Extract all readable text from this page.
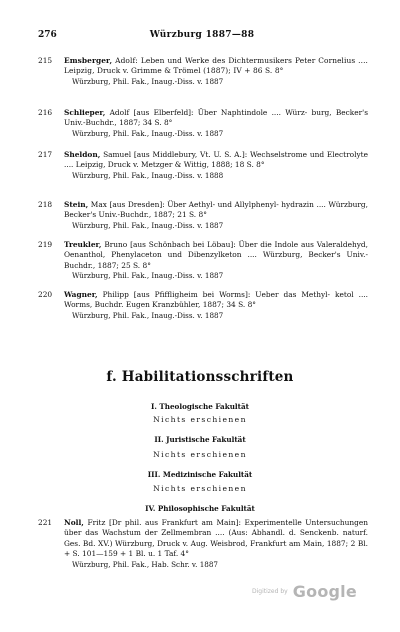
276	Würzburg 1887—88
215	Emsberger, Adolf: Leben und Werke des Dichtermusikers Peter Cornelius .... Leipzig, Druck v. Grimme & Trömel (1887); IV + 86 S. 8°
Würzburg, Phil. Fak., Inaug.-Diss. v. 1887
216	Schlieper, Adolf [aus Elberfeld]: Über Naphtindole .... Würz- burg, Becker's Univ.-Buchdr., 1887; 34 S. 8°
Würzburg, Phil. Fak., Inaug.-Diss. v. 1887
217	Sheldon, Samuel [aus Middlebury, Vt. U. S. A.]: Wechselstrome und Electrolyte .... Leipzig, Druck v. Metzger & Wittig, 1888; 18 S. 8°
Würzburg, Phil. Fak., Inaug.-Diss. v. 1888
218	Stein, Max [aus Dresden]: Über Aethyl- und Allylphenyl- hydrazin .... Würzburg, Becker's Univ.-Buchdr., 1887; 21 S. 8°
Würzburg, Phil. Fak., Inaug.-Diss. v. 1887
219	Treukler, Bruno [aus Schönbach bei Löbau]: Über die Indole aus Valeraldehyd, Oenanthol, Phenylaceton und Dibenzylketon .... Würzburg, Becker's Univ.-Buchdr., 1887; 25 S. 8°
Würzburg, Phil. Fak., Inaug.-Diss. v. 1887
220	Wagner, Philipp [aus Pfiffligheim bei Worms]: Ueber das Methyl- ketol .... Worms, Buchdr. Eugen Kranzbühler, 1887; 34 S. 8°
Würzburg, Phil. Fak., Inaug.-Diss. v. 1887
f. Habilitationsschriften
I. Theologische Fakultät
Nichts erschienen
II. Juristische Fakultät
Nichts erschienen
III. Medizinische Fakultät
Nichts erschienen
IV. Philosophische Fakultät
221	Noll, Fritz [Dr phil. aus Frankfurt am Main]: Experimentelle Untersuchungen über das Wachstum der Zellmembran .... (Aus: Abhandl. d. Senckenb. naturf. Ges. Bd. XV.) Würzburg, Druck v. Aug. Weisbrod, Frankfurt am Main, 1887; 2 Bl. + S. 101—159 + 1 Bl. u. 1 Taf. 4°
Würzburg, Phil. Fak., Hab. Schr. v. 1887
Digitized by Google
